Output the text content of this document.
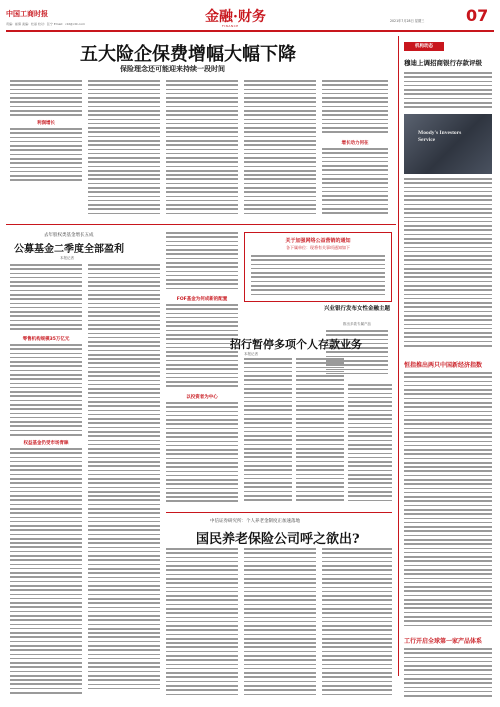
中国工商时报
责编：崔倩 美编：杜丽 校对：张宁 Email：cbt@cbt.com	金融·财务
FINANCE
2021年7月28日 星期三	07
五大险企保费增幅大幅下降
保险理念还可能迎来持续一段时间
利润增长
增长动力何在
机构动态
穆迪上调招商银行存款评级
Moody's Investors Service
恒指推出两只中国新经济指数
工行开启全球第一家产品体系
去年股权类基金增长五成
公募基金二季度全部盈利
本报记者
零售机构规模35万亿元
权益基金仍受市场青睐
FOF基金为何成新的配置
以投资者为中心
关于加强网络公益营销的通知
各下属单位：现将有关事项通知如下
兴业银行发布女性金融主题
推出多款专属产品
招行暂停多项个人存款业务
本报记者
中信证券研究所：个人养老金制度正加速落地
国民养老保险公司呼之欲出?
